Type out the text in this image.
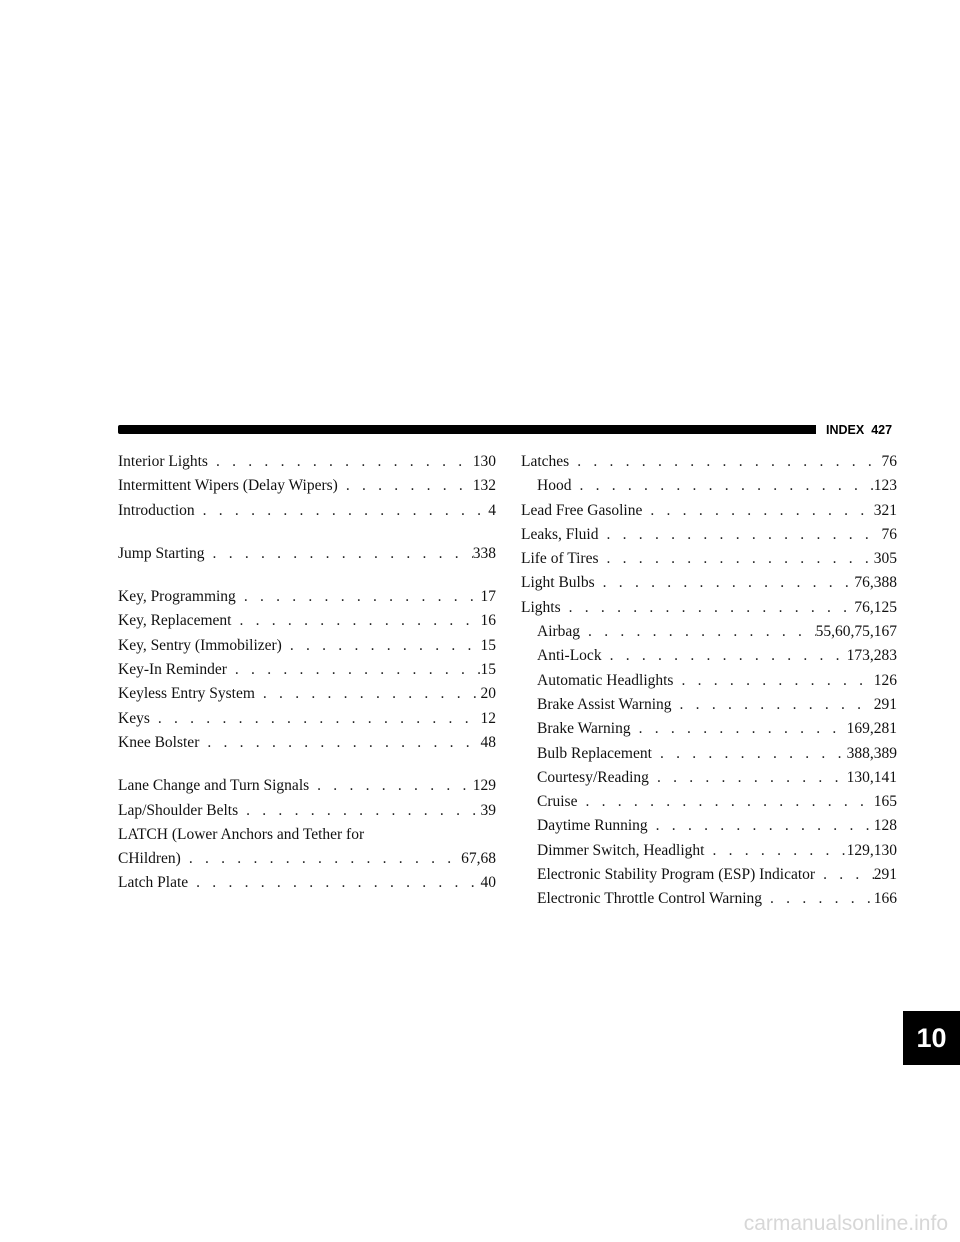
INDEX 427
Interior Lights . . .	130
Intermittent Wipers (Delay Wipers) . . .	132
Introduction . . .	4
Jump Starting . . .	338
Key, Programming . . .	17
Key, Replacement . . .	16
Key, Sentry (Immobilizer) . . .	15
Key-In Reminder . . .	15
Keyless Entry System . . .	20
Keys . . .	12
Knee Bolster . . .	48
Lane Change and Turn Signals . . .	129
Lap/Shoulder Belts . . .	39
LATCH (Lower Anchors and Tether for
CHildren) . . .	67,68
Latch Plate . . .	40
Latches . . .	76
Hood . . .	123
Lead Free Gasoline . . .	321
Leaks, Fluid . . .	76
Life of Tires . . .	305
Light Bulbs . . .	76,388
Lights . . .	76,125
Airbag . . .	55,60,75,167
Anti-Lock . . .	173,283
Automatic Headlights . . .	126
Brake Assist Warning . . .	291
Brake Warning . . .	169,281
Bulb Replacement . . .	388,389
Courtesy/Reading . . .	130,141
Cruise . . .	165
Daytime Running . . .	128
Dimmer Switch, Headlight . . .	129,130
Electronic Stability Program (ESP) Indicator . . .	291
Electronic Throttle Control Warning . . .	166
10
carmanualsonline.info
